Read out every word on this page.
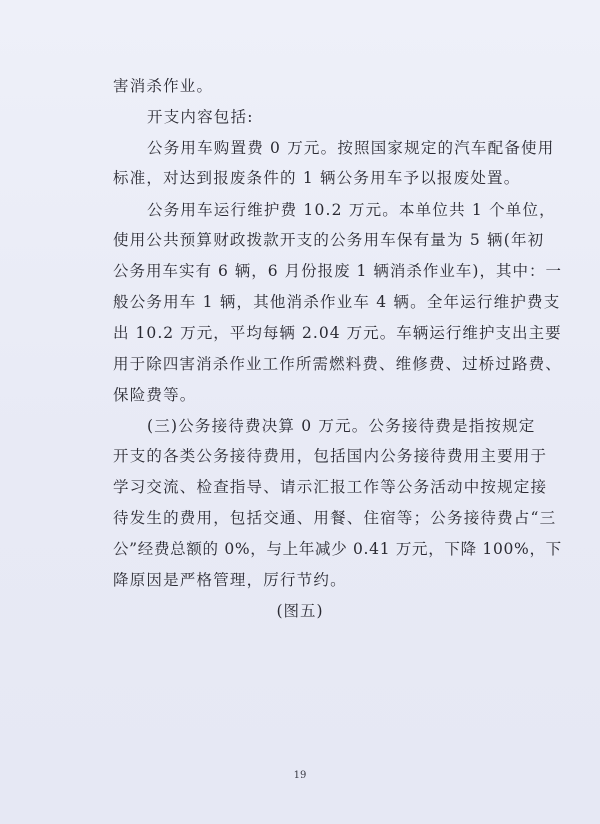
害消杀作业。
开支内容包括:
公务用车购置费 0 万元。按照国家规定的汽车配备使用
标准，对达到报废条件的 1 辆公务用车予以报废处置。
公务用车运行维护费 10.2 万元。本单位共 1 个单位，
使用公共预算财政拨款开支的公务用车保有量为 5 辆(年初
公务用车实有 6 辆，6 月份报废 1 辆消杀作业车)，其中：一
般公务用车 1 辆，其他消杀作业车 4 辆。全年运行维护费支
出 10.2 万元，平均每辆 2.04 万元。车辆运行维护支出主要
用于除四害消杀作业工作所需燃料费、维修费、过桥过路费、
保险费等。
(三)公务接待费决算 0 万元。公务接待费是指按规定
开支的各类公务接待费用，包括国内公务接待费用主要用于
学习交流、检查指导、请示汇报工作等公务活动中按规定接
待发生的费用，包括交通、用餐、住宿等；公务接待费占“三
公”经费总额的 0%，与上年减少 0.41 万元，下降 100%，下
降原因是严格管理，厉行节约。
(图五)
19
